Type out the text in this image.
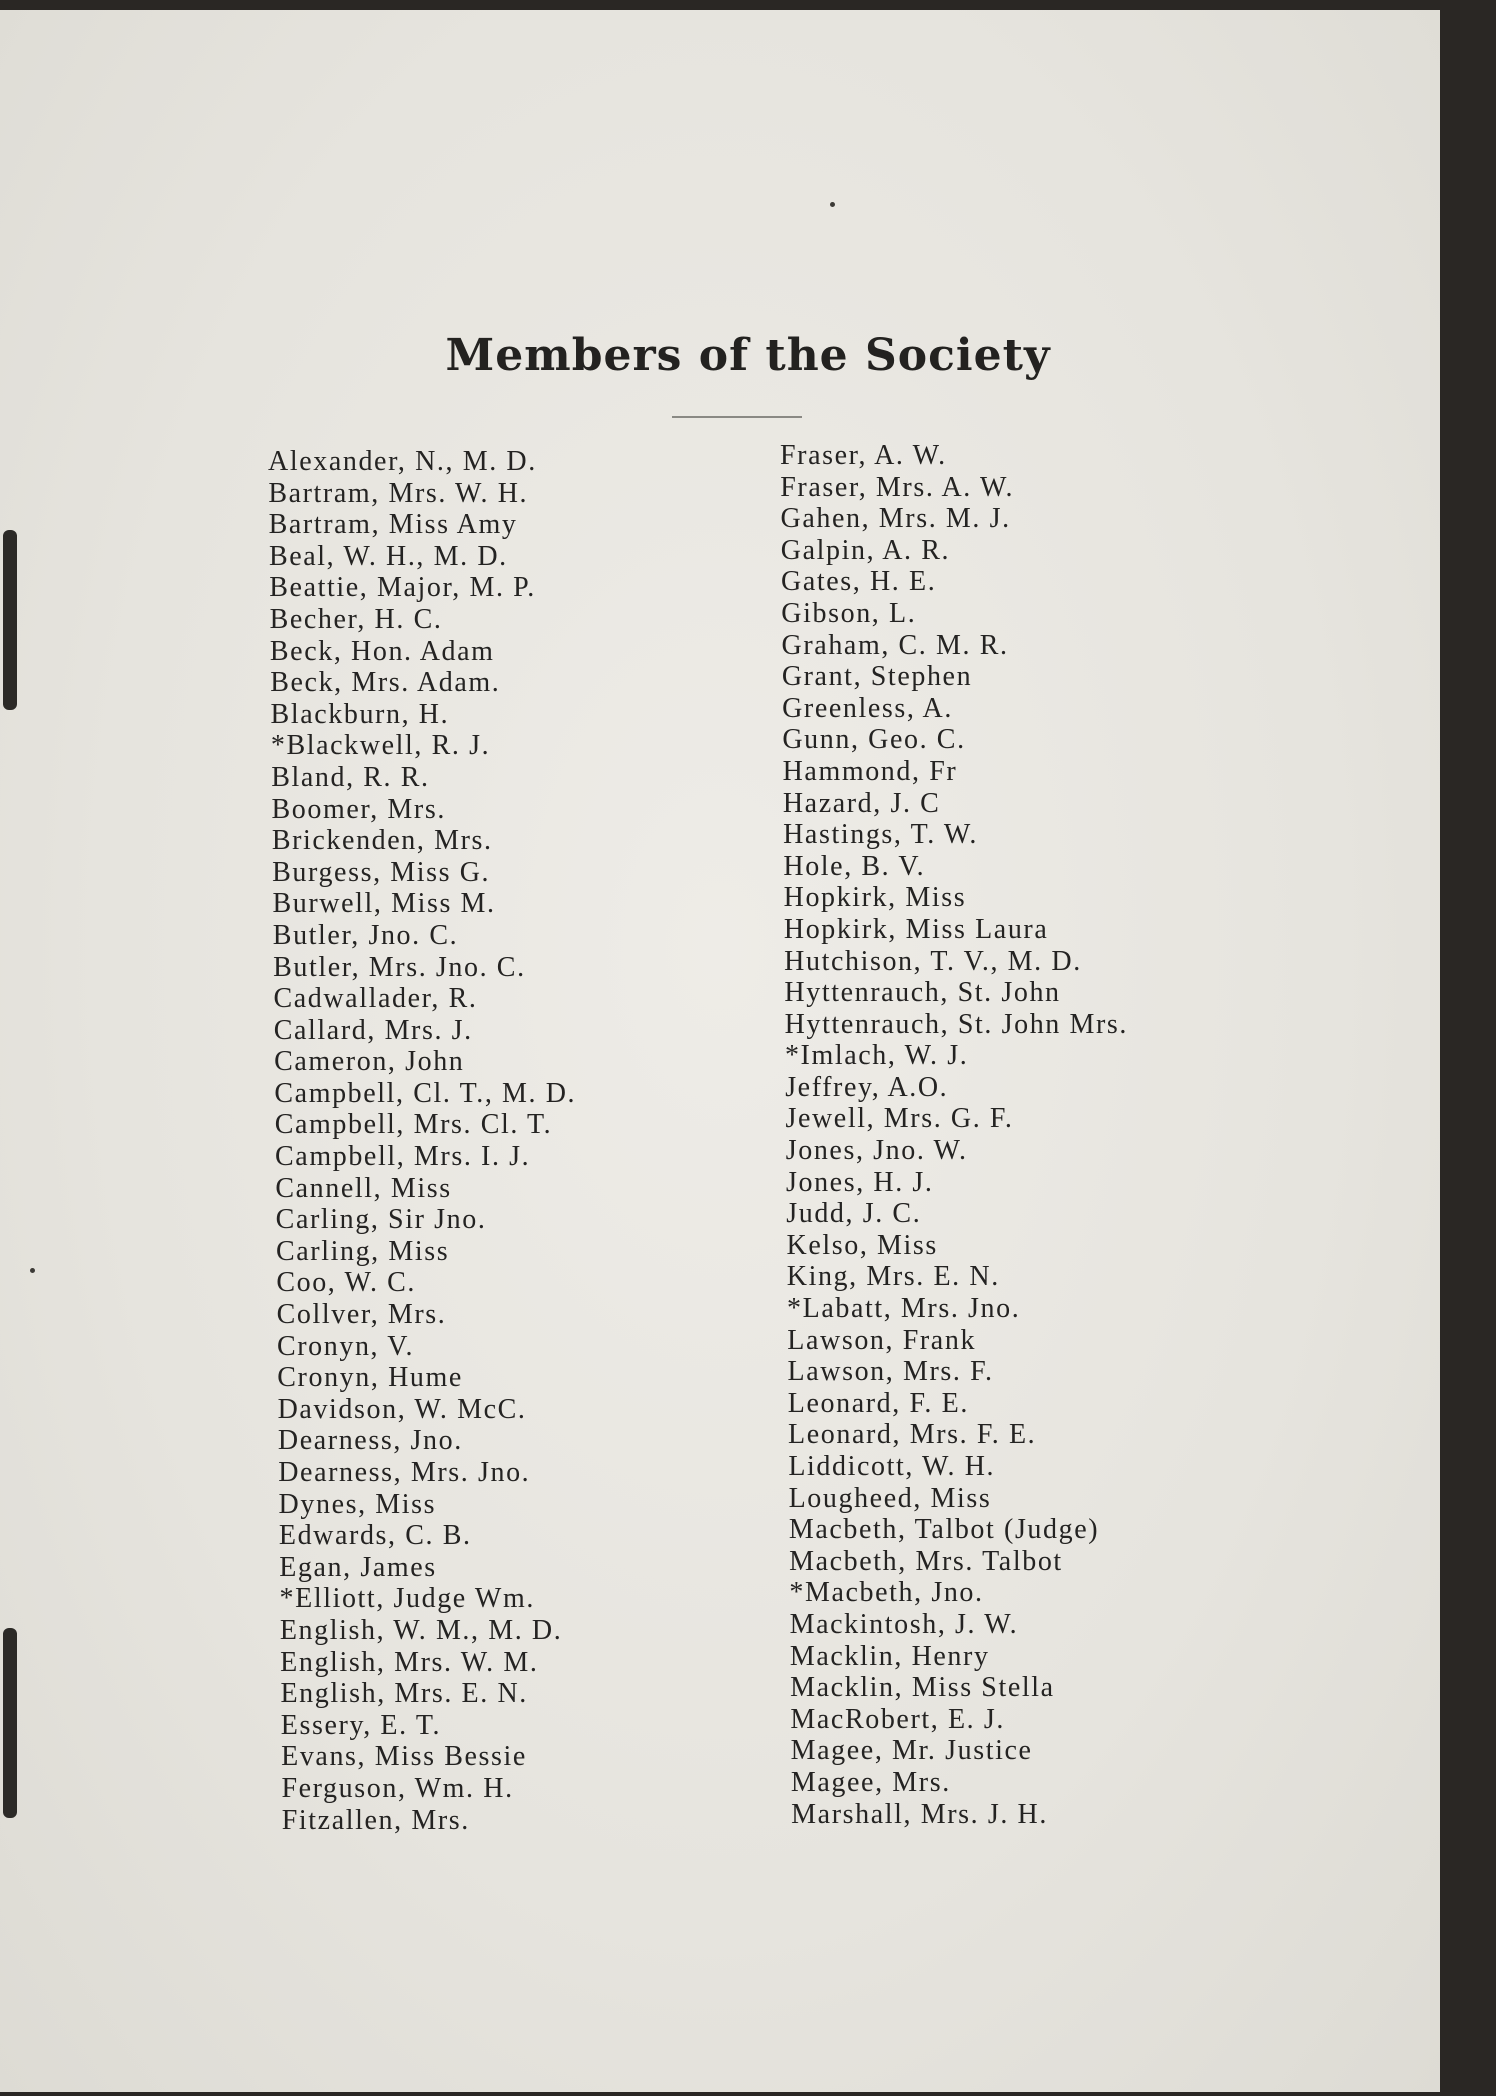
Members of the Society
Alexander, N., M. D.
Bartram, Mrs. W. H.
Bartram, Miss Amy
Beal, W. H., M. D.
Beattie, Major, M. P.
Becher, H. C.
Beck, Hon. Adam
Beck, Mrs. Adam.
Blackburn, H.
*Blackwell, R. J.
Bland, R. R.
Boomer, Mrs.
Brickenden, Mrs.
Burgess, Miss G.
Burwell, Miss M.
Butler, Jno. C.
Butler, Mrs. Jno. C.
Cadwallader, R.
Callard, Mrs. J.
Cameron, John
Campbell, Cl. T., M. D.
Campbell, Mrs. Cl. T.
Campbell, Mrs. I. J.
Cannell, Miss
Carling, Sir Jno.
Carling, Miss
Coo, W. C.
Collver, Mrs.
Cronyn, V.
Cronyn, Hume
Davidson, W. McC.
Dearness, Jno.
Dearness, Mrs. Jno.
Dynes, Miss
Edwards, C. B.
Egan, James
*Elliott, Judge Wm.
English, W. M., M. D.
English, Mrs. W. M.
English, Mrs. E. N.
Essery, E. T.
Evans, Miss Bessie
Ferguson, Wm. H.
Fitzallen, Mrs.
Fraser, A. W.
Fraser, Mrs. A. W.
Gahen, Mrs. M. J.
Galpin, A. R.
Gates, H. E.
Gibson, L.
Graham, C. M. R.
Grant, Stephen
Greenless, A.
Gunn, Geo. C.
Hammond, Fr
Hazard, J. C
Hastings, T. W.
Hole, B. V.
Hopkirk, Miss
Hopkirk, Miss Laura
Hutchison, T. V., M. D.
Hyttenrauch, St. John
Hyttenrauch, St. John Mrs.
*Imlach, W. J.
Jeffrey, A.O.
Jewell, Mrs. G. F.
Jones, Jno. W.
Jones, H. J.
Judd, J. C.
Kelso, Miss
King, Mrs. E. N.
*Labatt, Mrs. Jno.
Lawson, Frank
Lawson, Mrs. F.
Leonard, F. E.
Leonard, Mrs. F. E.
Liddicott, W. H.
Lougheed, Miss
Macbeth, Talbot (Judge)
Macbeth, Mrs. Talbot
*Macbeth, Jno.
Mackintosh, J. W.
Macklin, Henry
Macklin, Miss Stella
MacRobert, E. J.
Magee, Mr. Justice
Magee, Mrs.
Marshall, Mrs. J. H.
